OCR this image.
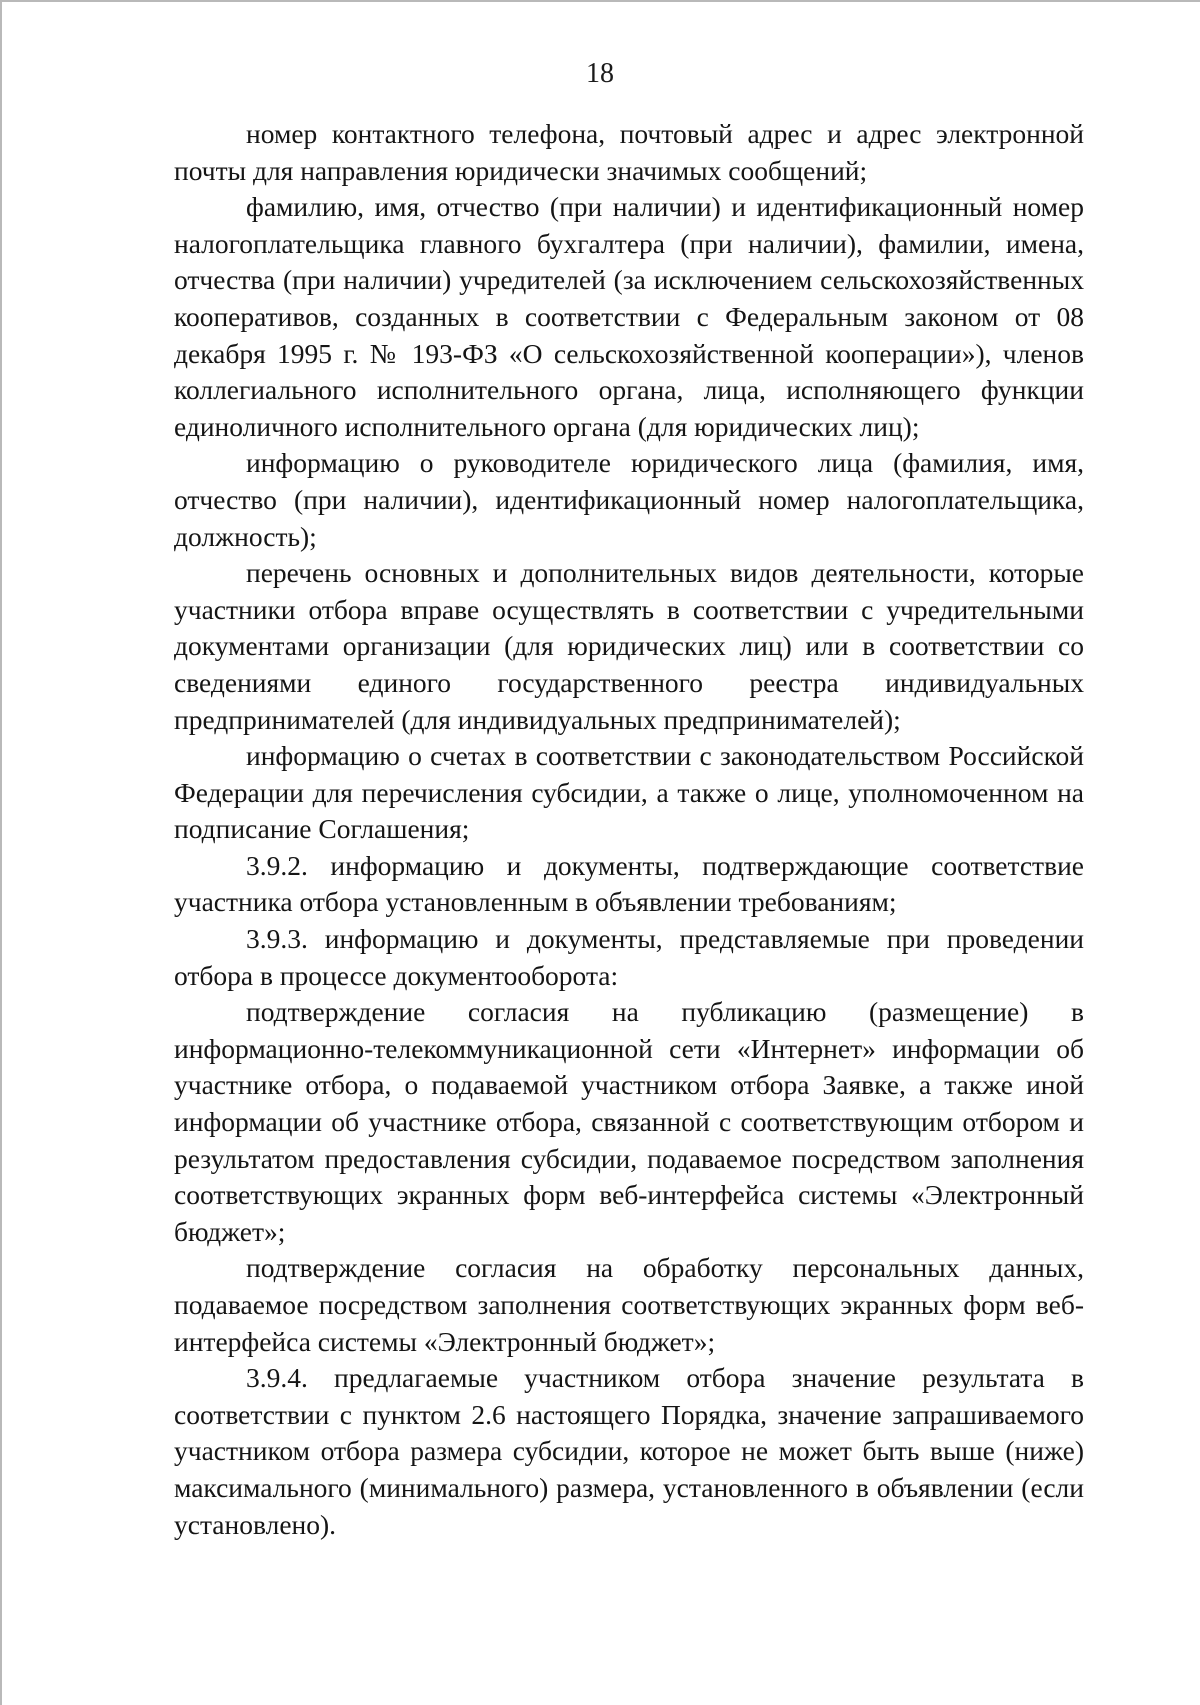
18

номер контактного телефона, почтовый адрес и адрес электронной почты для направления юридически значимых сообщений;

фамилию, имя, отчество (при наличии) и идентификационный номер налогоплательщика главного бухгалтера (при наличии), фамилии, имена, отчества (при наличии) учредителей (за исключением сельскохозяйственных кооперативов, созданных в соответствии с Федеральным законом от 08 декабря 1995 г. № 193-ФЗ «О сельскохозяйственной кооперации»), членов коллегиального исполнительного органа, лица, исполняющего функции единоличного исполнительного органа (для юридических лиц);

информацию о руководителе юридического лица (фамилия, имя, отчество (при наличии), идентификационный номер налогоплательщика, должность);

перечень основных и дополнительных видов деятельности, которые участники отбора вправе осуществлять в соответствии с учредительными документами организации (для юридических лиц) или в соответствии со сведениями единого государственного реестра индивидуальных предпринимателей (для индивидуальных предпринимателей);

информацию о счетах в соответствии с законодательством Российской Федерации для перечисления субсидии, а также о лице, уполномоченном на подписание Соглашения;

3.9.2. информацию и документы, подтверждающие соответствие участника отбора установленным в объявлении требованиям;

3.9.3. информацию и документы, представляемые при проведении отбора в процессе документооборота:

подтверждение согласия на публикацию (размещение) в информационно-телекоммуникационной сети «Интернет» информации об участнике отбора, о подаваемой участником отбора Заявке, а также иной информации об участнике отбора, связанной с соответствующим отбором и результатом предоставления субсидии, подаваемое посредством заполнения соответствующих экранных форм веб-интерфейса системы «Электронный бюджет»;

подтверждение согласия на обработку персональных данных, подаваемое посредством заполнения соответствующих экранных форм веб-интерфейса системы «Электронный бюджет»;

3.9.4. предлагаемые участником отбора значение результата в соответствии с пунктом 2.6 настоящего Порядка, значение запрашиваемого участником отбора размера субсидии, которое не может быть выше (ниже) максимального (минимального) размера, установленного в объявлении (если установлено).
